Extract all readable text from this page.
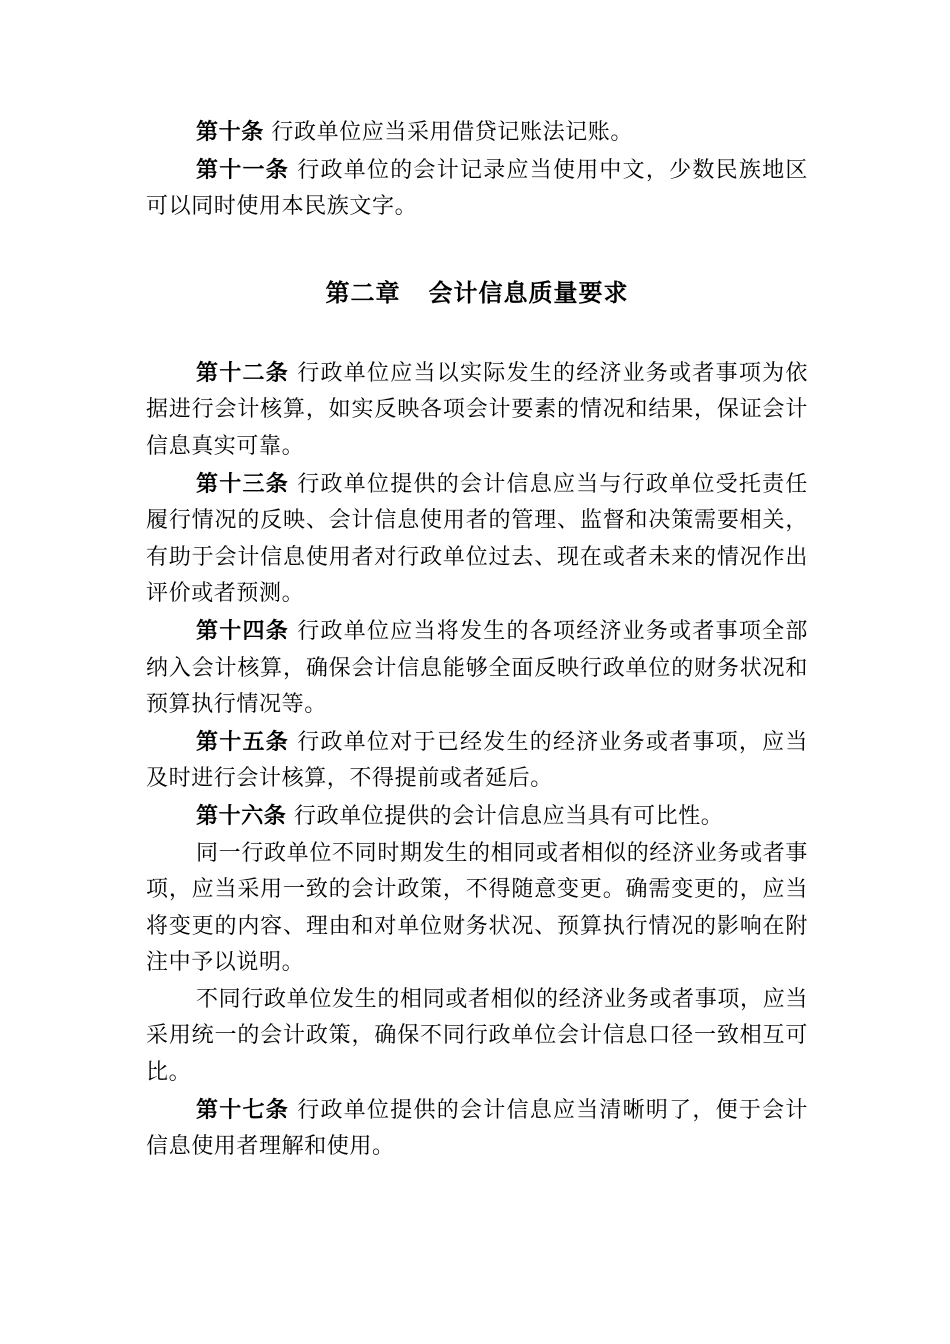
第十条 行政单位应当采用借贷记账法记账。

第十一条 行政单位的会计记录应当使用中文，少数民族地区可以同时使用本民族文字。

第二章 会计信息质量要求

第十二条 行政单位应当以实际发生的经济业务或者事项为依据进行会计核算，如实反映各项会计要素的情况和结果，保证会计信息真实可靠。

第十三条 行政单位提供的会计信息应当与行政单位受托责任履行情况的反映、会计信息使用者的管理、监督和决策需要相关，有助于会计信息使用者对行政单位过去、现在或者未来的情况作出评价或者预测。

第十四条 行政单位应当将发生的各项经济业务或者事项全部纳入会计核算，确保会计信息能够全面反映行政单位的财务状况和预算执行情况等。

第十五条 行政单位对于已经发生的经济业务或者事项，应当及时进行会计核算，不得提前或者延后。

第十六条 行政单位提供的会计信息应当具有可比性。

同一行政单位不同时期发生的相同或者相似的经济业务或者事项，应当采用一致的会计政策，不得随意变更。确需变更的，应当将变更的内容、理由和对单位财务状况、预算执行情况的影响在附注中予以说明。

不同行政单位发生的相同或者相似的经济业务或者事项，应当采用统一的会计政策，确保不同行政单位会计信息口径一致相互可比。

第十七条 行政单位提供的会计信息应当清晰明了，便于会计信息使用者理解和使用。
